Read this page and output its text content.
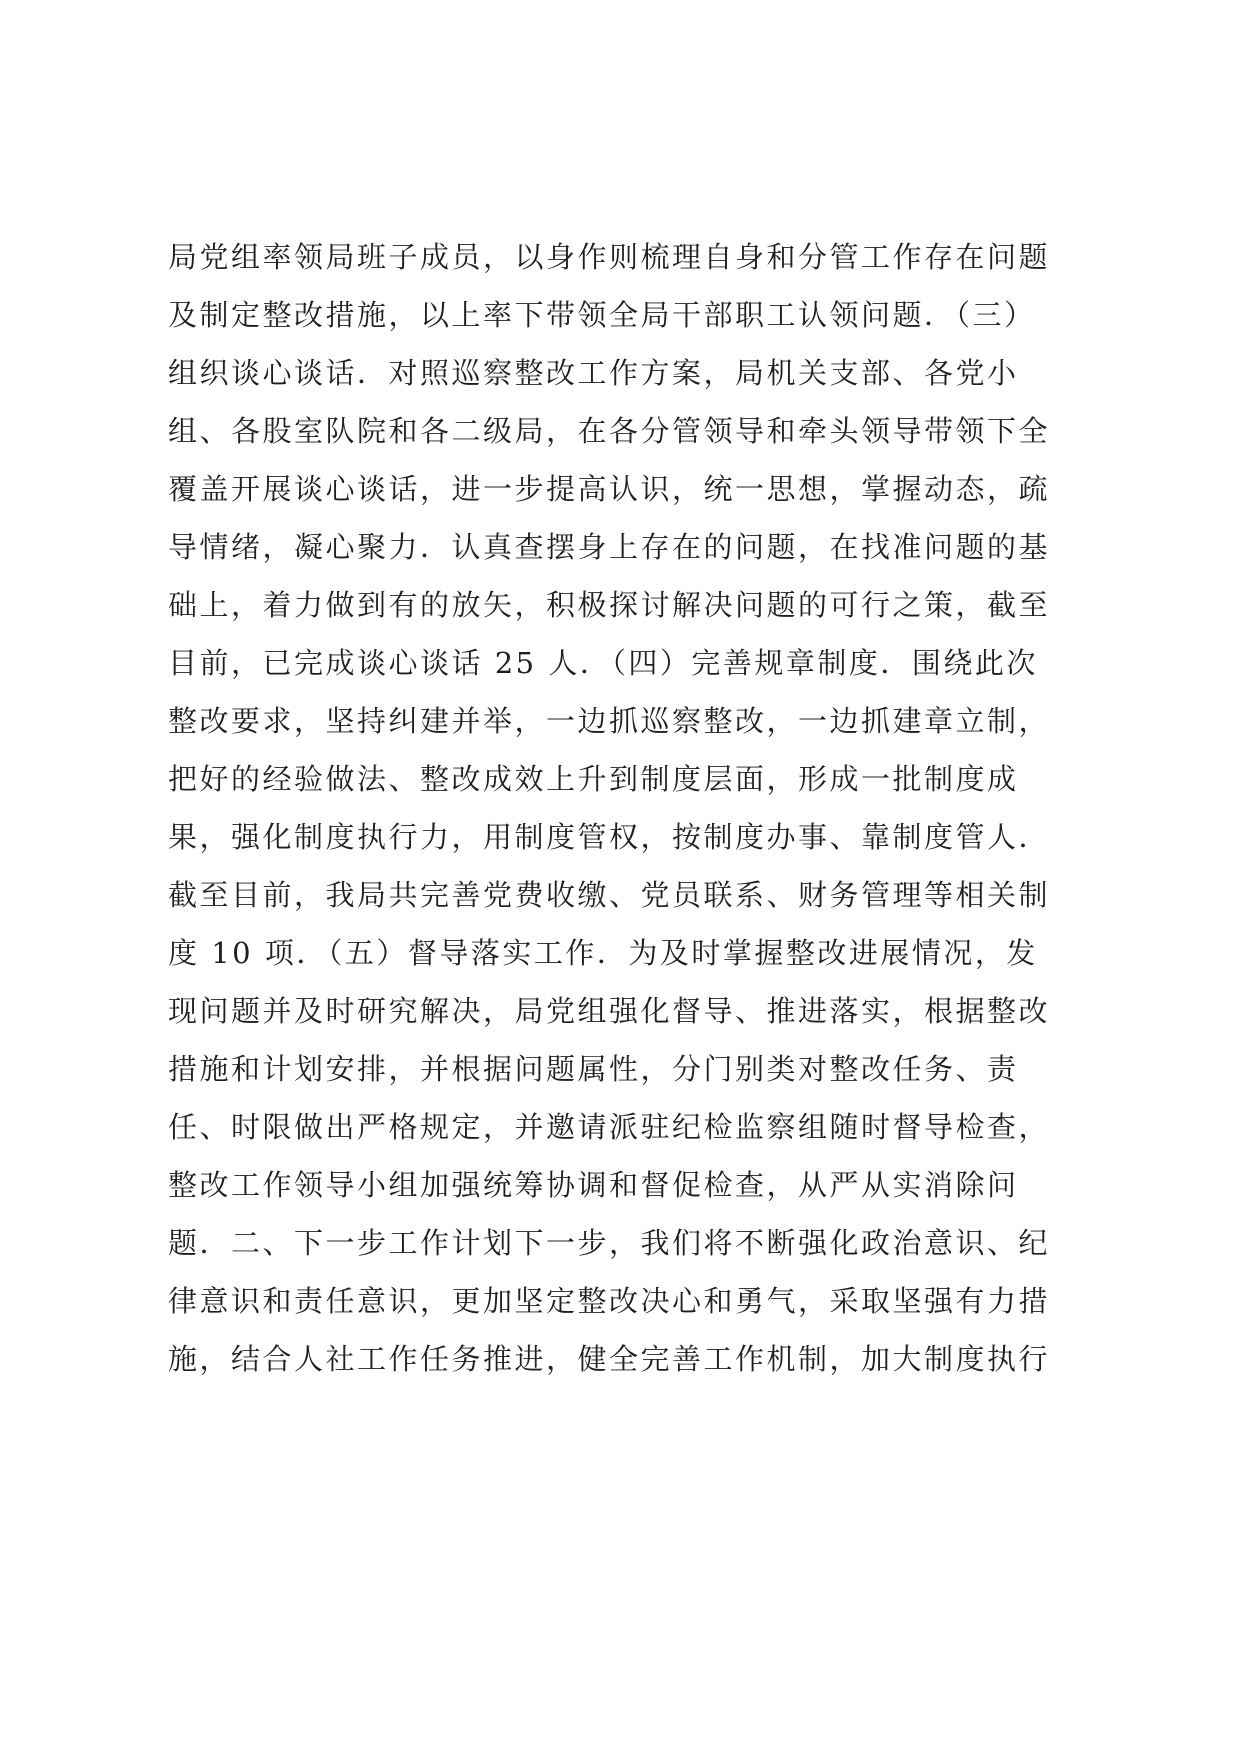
局党组率领局班子成员，以身作则梳理自身和分管工作存在问题
及制定整改措施，以上率下带领全局干部职工认领问题．（三）
组织谈心谈话．对照巡察整改工作方案，局机关支部、各党小
组、各股室队院和各二级局，在各分管领导和牵头领导带领下全
覆盖开展谈心谈话，进一步提高认识，统一思想，掌握动态，疏
导情绪，凝心聚力．认真查摆身上存在的问题，在找准问题的基
础上，着力做到有的放矢，积极探讨解决问题的可行之策，截至
目前，已完成谈心谈话 25 人．（四）完善规章制度．围绕此次
整改要求，坚持纠建并举，一边抓巡察整改，一边抓建章立制，
把好的经验做法、整改成效上升到制度层面，形成一批制度成
果，强化制度执行力，用制度管权，按制度办事、靠制度管人．
截至目前，我局共完善党费收缴、党员联系、财务管理等相关制
度 10 项．（五）督导落实工作．为及时掌握整改进展情况，发
现问题并及时研究解决，局党组强化督导、推进落实，根据整改
措施和计划安排，并根据问题属性，分门别类对整改任务、责
任、时限做出严格规定，并邀请派驻纪检监察组随时督导检查，
整改工作领导小组加强统筹协调和督促检查，从严从实消除问
题．二、下一步工作计划下一步，我们将不断强化政治意识、纪
律意识和责任意识，更加坚定整改决心和勇气，采取坚强有力措
施，结合人社工作任务推进，健全完善工作机制，加大制度执行
